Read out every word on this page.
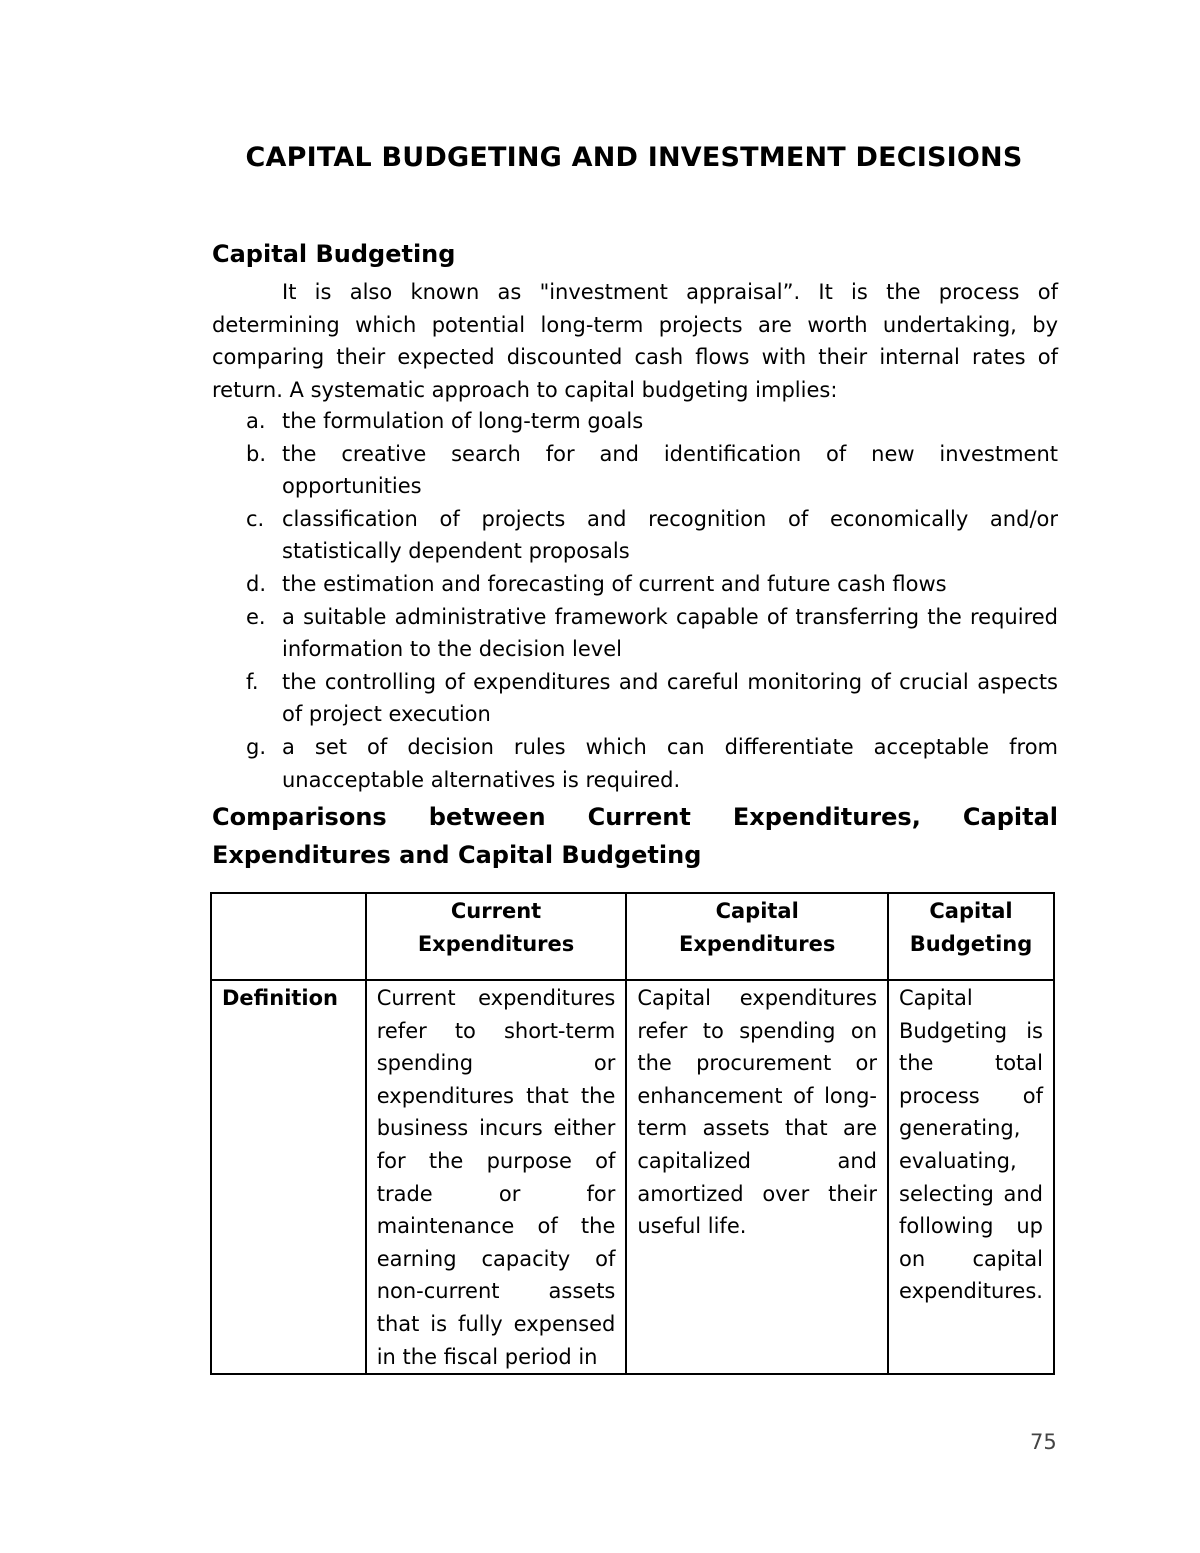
CAPITAL BUDGETING AND INVESTMENT DECISIONS
Capital Budgeting

It is also known as "investment appraisal”. It is the process of determining which potential long-term projects are worth undertaking, by comparing their expected discounted cash flows with their internal rates of return. A systematic approach to capital budgeting implies:

a. the formulation of long-term goals
b. the creative search for and identification of new investment opportunities
c. classification of projects and recognition of economically and/or statistically dependent proposals
d. the estimation and forecasting of current and future cash flows
e. a suitable administrative framework capable of transferring the required information to the decision level
f.	the controlling of expenditures and careful monitoring of crucial aspects of project execution
g. a set of decision rules which can differentiate acceptable from unacceptable alternatives is required.
Comparisons between Current Expenditures, Capital
Expenditures and Capital Budgeting
	Current Expenditures	Capital Expenditures	Capital Budgeting
Definition	Current expenditures refer to short-term spending or expenditures that the business incurs either for the purpose of trade or for maintenance of the earning capacity of non-current assets that is fully expensed in the fiscal period in	Capital expenditures refer to spending on the procurement or enhancement of long-term assets that are capitalized and amortized over their useful life.	Capital Budgeting is the total process of generating, evaluating, selecting and following up on capital expenditures.
75
